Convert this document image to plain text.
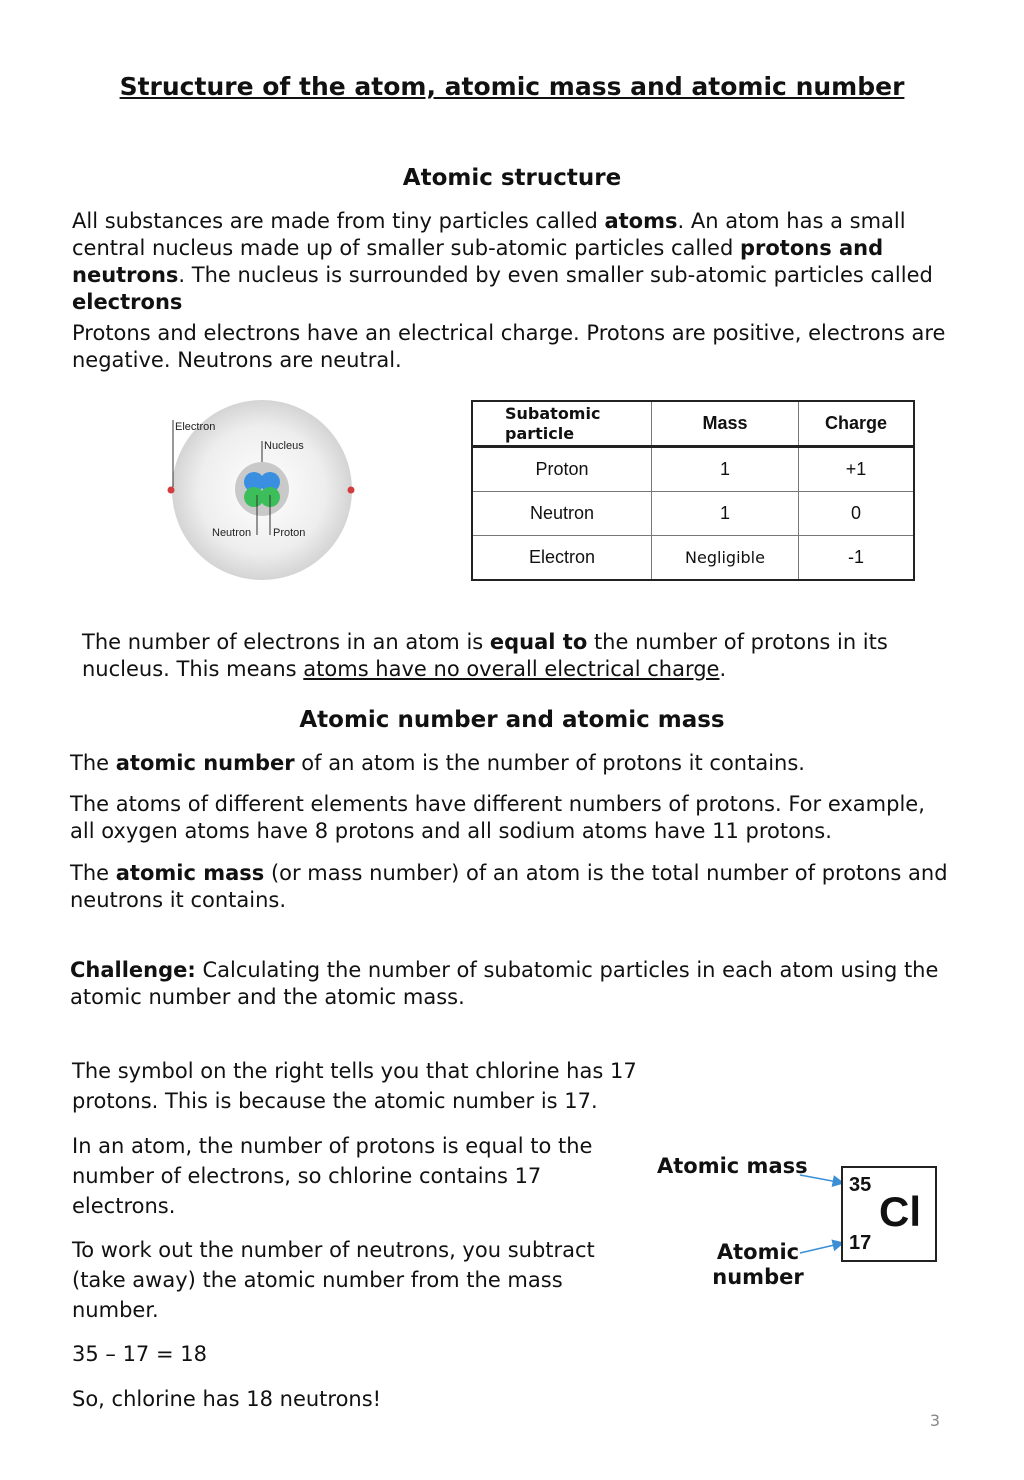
Structure of the atom, atomic mass and atomic number
Atomic structure
All substances are made from tiny particles called atoms. An atom has a small central nucleus made up of smaller sub-atomic particles called protons and neutrons. The nucleus is surrounded by even smaller sub-atomic particles called electrons
Protons and electrons have an electrical charge. Protons are positive, electrons are negative. Neutrons are neutral.
Electron
Nucleus
Neutron Proton
Subatomic particle	Mass	Charge
Proton	1	+1
Neutron	1	0
Electron	Negligible	-1
The number of electrons in an atom is equal to the number of protons in its nucleus. This means atoms have no overall electrical charge.
Atomic number and atomic mass
The atomic number of an atom is the number of protons it contains.
The atoms of different elements have different numbers of protons. For example, all oxygen atoms have 8 protons and all sodium atoms have 11 protons.
The atomic mass (or mass number) of an atom is the total number of protons and neutrons it contains.
Challenge: Calculating the number of subatomic particles in each atom using the atomic number and the atomic mass.
The symbol on the right tells you that chlorine has 17 protons. This is because the atomic number is 17.
In an atom, the number of protons is equal to the number of electrons, so chlorine contains 17 electrons.
To work out the number of neutrons, you subtract (take away) the atomic number from the mass number.
35 – 17 = 18
So, chlorine has 18 neutrons!
Atomic mass
Atomic
number
35
Cl
17
3
